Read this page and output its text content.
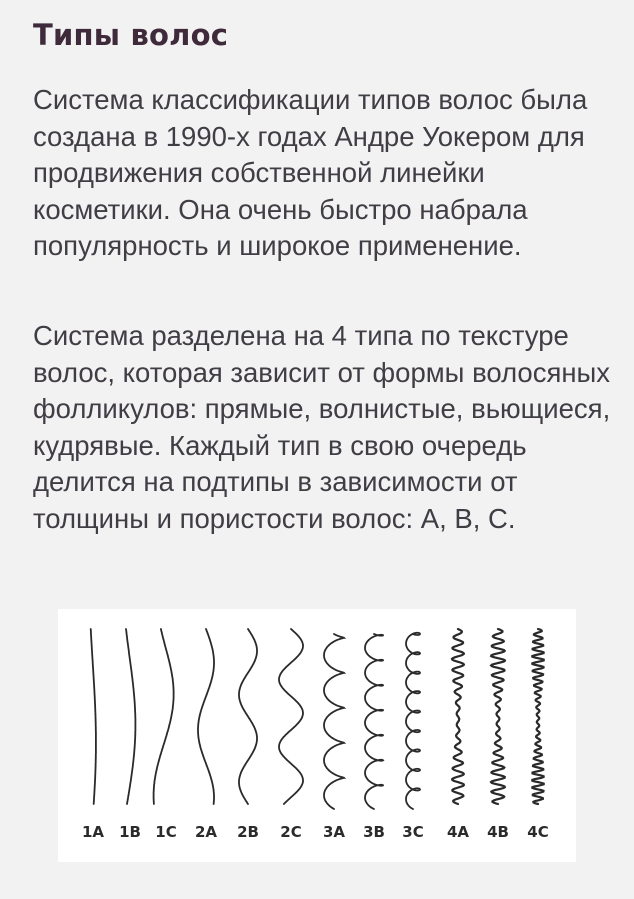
Типы волос

Система классификации типов волос была создана в 1990-х годах Андре Уокером для продвижения собственной линейки косметики. Она очень быстро набрала популярность и широкое применение.

Система разделена на 4 типа по текстуре волос, которая зависит от формы волосяных фолликулов: прямые, волнистые, вьющиеся, кудрявые. Каждый тип в свою очередь делится на подтипы в зависимости от толщины и пористости волос: A, B, C.

1A 1B 1C 2A 2B 2C 3A 3B 3C 4A 4B 4C
